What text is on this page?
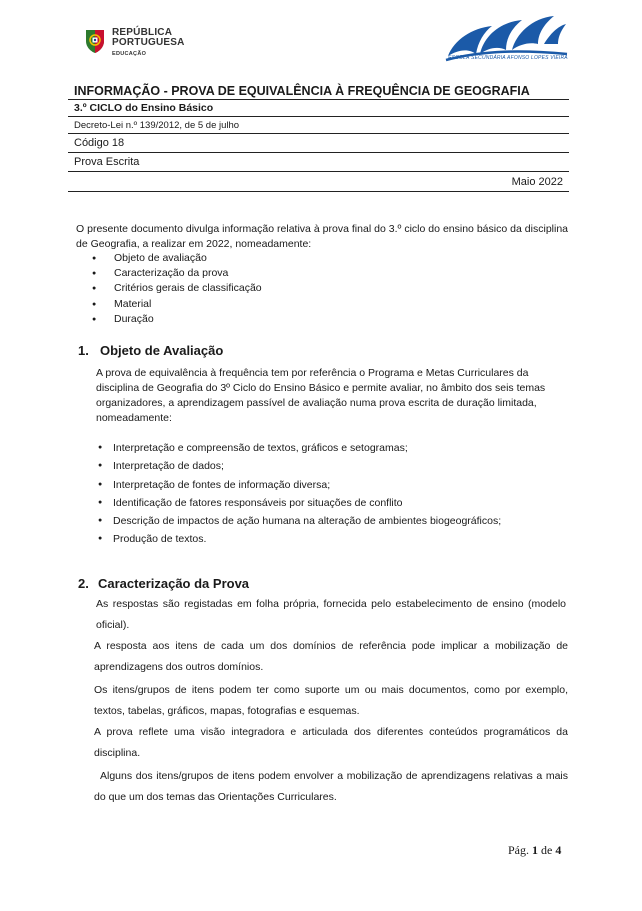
REPÚBLICA
PORTUGUESA
EDUCAÇÃO
ESCOLA SECUNDÁRIA AFONSO LOPES VIEIRA
INFORMAÇÃO - PROVA DE EQUIVALÊNCIA À FREQUÊNCIA DE GEOGRAFIA
3.º CICLO do Ensino Básico
Decreto-Lei n.º 139/2012, de 5 de julho
Código 18
Prova Escrita
Maio 2022
O presente documento divulga informação relativa à prova final do 3.º ciclo do ensino básico da disciplina de Geografia, a realizar em 2022, nomeadamente:
● Objeto de avaliação
● Caracterização da prova
● Critérios gerais de classificação
● Material
● Duração
1. Objeto de Avaliação
A prova de equivalência à frequência tem por referência o Programa e Metas Curriculares da disciplina de Geografia do 3º Ciclo do Ensino Básico e permite avaliar, no âmbito dos seis temas organizadores, a aprendizagem passível de avaliação numa prova escrita de duração limitada, nomeadamente:
● Interpretação e compreensão de textos, gráficos e setogramas;
● Interpretação de dados;
● Interpretação de fontes de informação diversa;
● Identificação de fatores responsáveis por situações de conflito
● Descrição de impactos de ação humana na alteração de ambientes biogeográficos;
● Produção de textos.
2. Caracterização da Prova
As respostas são registadas em folha própria, fornecida pelo estabelecimento de ensino (modelo oficial).
A resposta aos itens de cada um dos domínios de referência pode implicar a mobilização de aprendizagens dos outros domínios.
Os itens/grupos de itens podem ter como suporte um ou mais documentos, como por exemplo, textos, tabelas, gráficos, mapas, fotografias e esquemas.
A prova reflete uma visão integradora e articulada dos diferentes conteúdos programáticos da disciplina.
Alguns dos itens/grupos de itens podem envolver a mobilização de aprendizagens relativas a mais do que um dos temas das Orientações Curriculares.
Pág. 1 de 4
